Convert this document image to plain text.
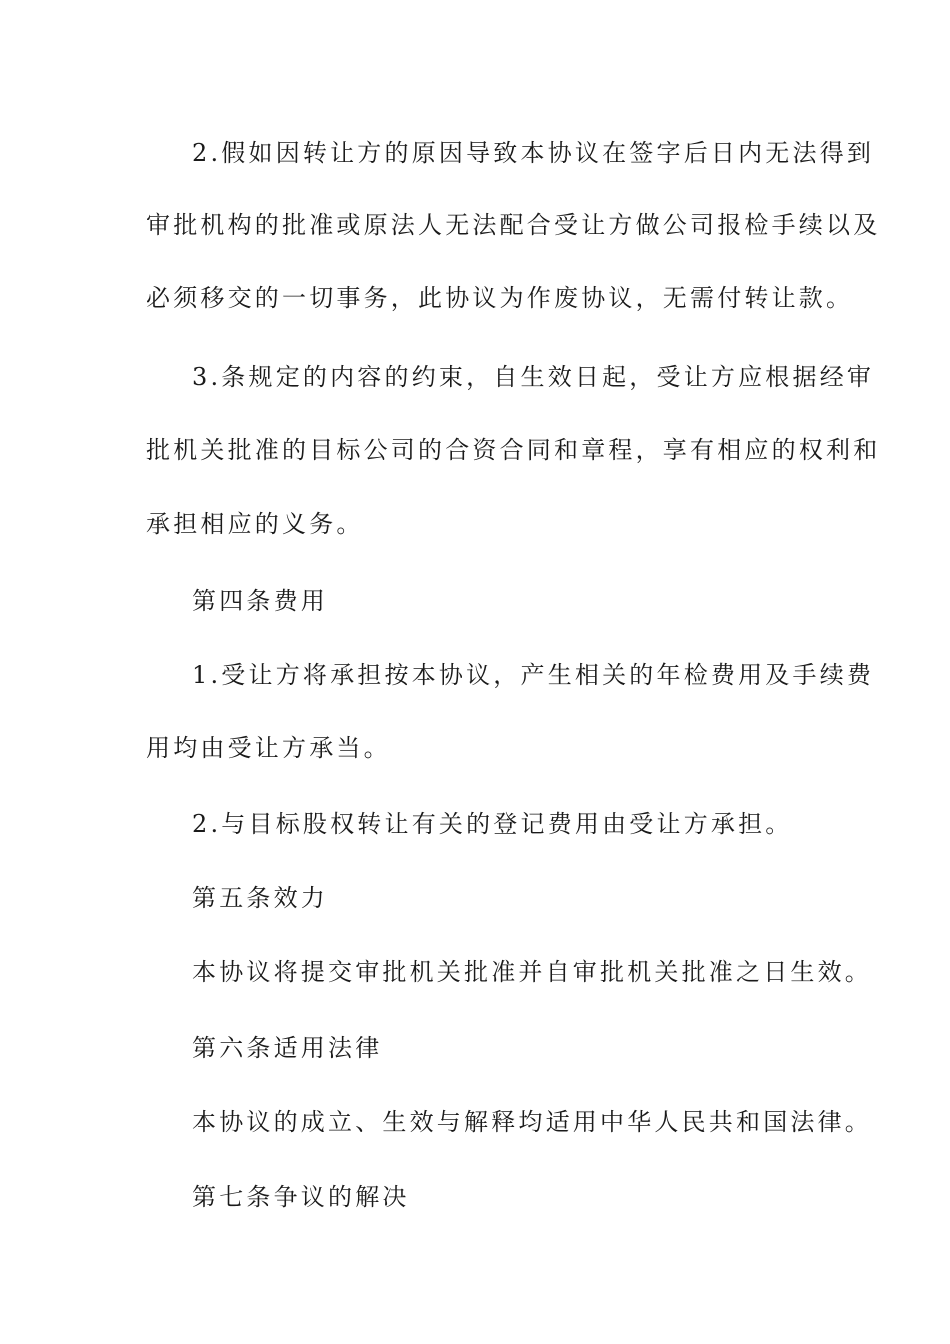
2.假如因转让方的原因导致本协议在签字后日内无法得到
审批机构的批准或原法人无法配合受让方做公司报检手续以及
必须移交的一切事务，此协议为作废协议，无需付转让款。
3.条规定的内容的约束，自生效日起，受让方应根据经审
批机关批准的目标公司的合资合同和章程，享有相应的权利和
承担相应的义务。
第四条费用
1.受让方将承担按本协议，产生相关的年检费用及手续费
用均由受让方承当。
2.与目标股权转让有关的登记费用由受让方承担。
第五条效力
本协议将提交审批机关批准并自审批机关批准之日生效。
第六条适用法律
本协议的成立、生效与解释均适用中华人民共和国法律。
第七条争议的解决
